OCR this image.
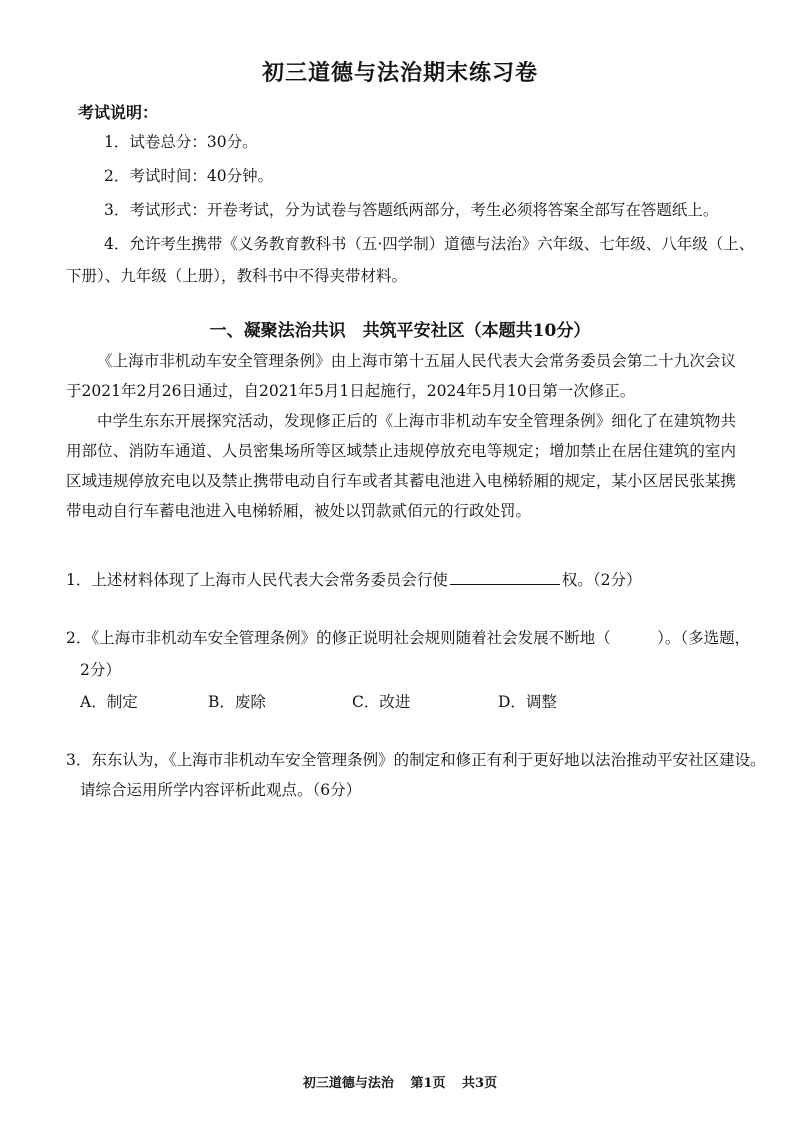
初三道德与法治期末练习卷
考试说明：
1．试卷总分：30分。
2．考试时间：40分钟。
3．考试形式：开卷考试，分为试卷与答题纸两部分，考生必须将答案全部写在答题纸上。
4．允许考生携带《义务教育教科书（五·四学制）道德与法治》六年级、七年级、八年级（上、
下册）、九年级（上册），教科书中不得夹带材料。
一、凝聚法治共识　共筑平安社区（本题共10分）
《上海市非机动车安全管理条例》由上海市第十五届人民代表大会常务委员会第二十九次会议于2021年2月26日通过，自2021年5月1日起施行，2024年5月10日第一次修正。
中学生东东开展探究活动，发现修正后的《上海市非机动车安全管理条例》细化了在建筑物共用部位、消防车通道、人员密集场所等区域禁止违规停放充电等规定；增加禁止在居住建筑的室内区域违规停放充电以及禁止携带电动自行车或者其蓄电池进入电梯轿厢的规定，某小区居民张某携带电动自行车蓄电池进入电梯轿厢，被处以罚款贰佰元的行政处罚。
1．上述材料体现了上海市人民代表大会常务委员会行使	权。（2分）
2．《上海市非机动车安全管理条例》的修正说明社会规则随着社会发展不断地（　　　）。（多选题，
2分）
A．制定	B．废除	C．改进	D．调整
3．东东认为，《上海市非机动车安全管理条例》的制定和修正有利于更好地以法治推动平安社区建设。
请综合运用所学内容评析此观点。（6分）
初三道德与法治 第1页 共3页
